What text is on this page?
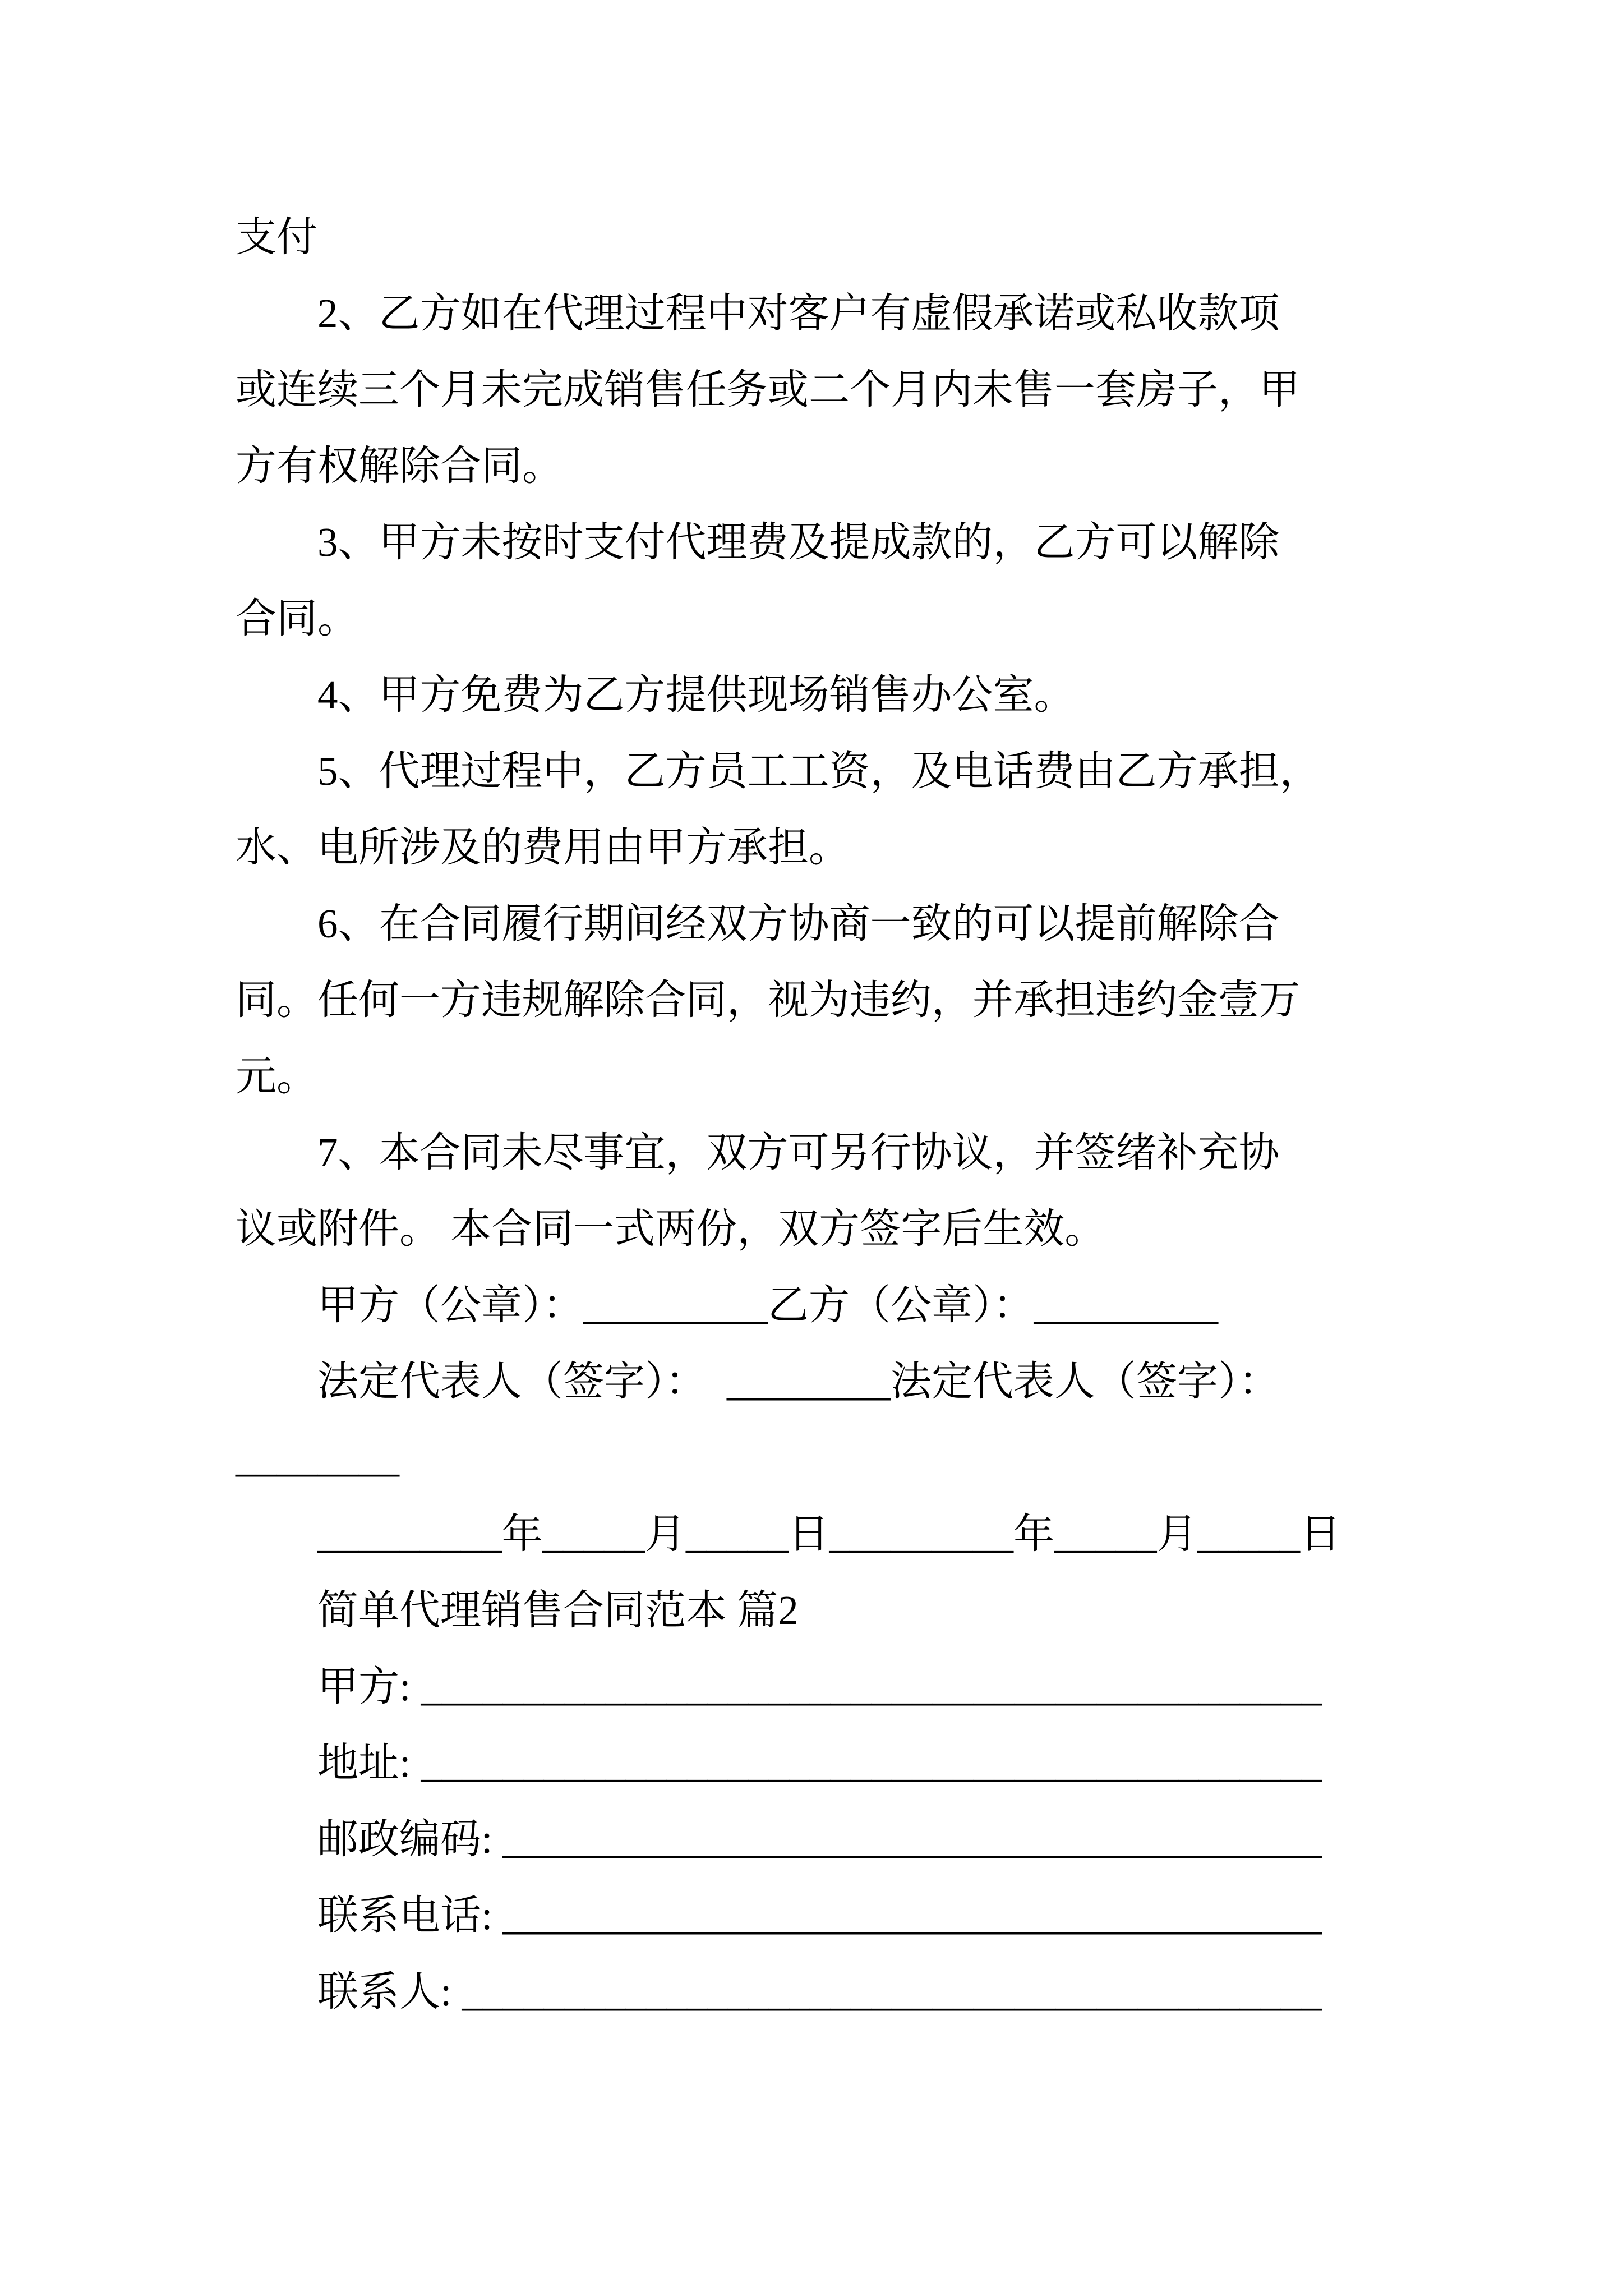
支付
2、乙方如在代理过程中对客户有虚假承诺或私收款项
或连续三个月未完成销售任务或二个月内未售一套房子，甲
方有权解除合同。
3、甲方未按时支付代理费及提成款的，乙方可以解除
合同。
4、甲方免费为乙方提供现场销售办公室。
5、代理过程中，乙方员工工资，及电话费由乙方承担，
水、电所涉及的费用由甲方承担。
6、在合同履行期间经双方协商一致的可以提前解除合
同。任何一方违规解除合同，视为违约，并承担违约金壹万
元。
7、本合同未尽事宜，双方可另行协议，并签绪补充协
议或附件。 本合同一式两份，双方签字后生效。
甲方（公章）：_________乙方（公章）：_________
法定代表人（签字）：　________法定代表人（签字）：
________
_________年_____月_____日_________年_____月_____日
简单代理销售合同范本 篇2
甲方: ____________________________________________
地址: ____________________________________________
邮政编码: ________________________________________
联系电话: ________________________________________
联系人: __________________________________________
